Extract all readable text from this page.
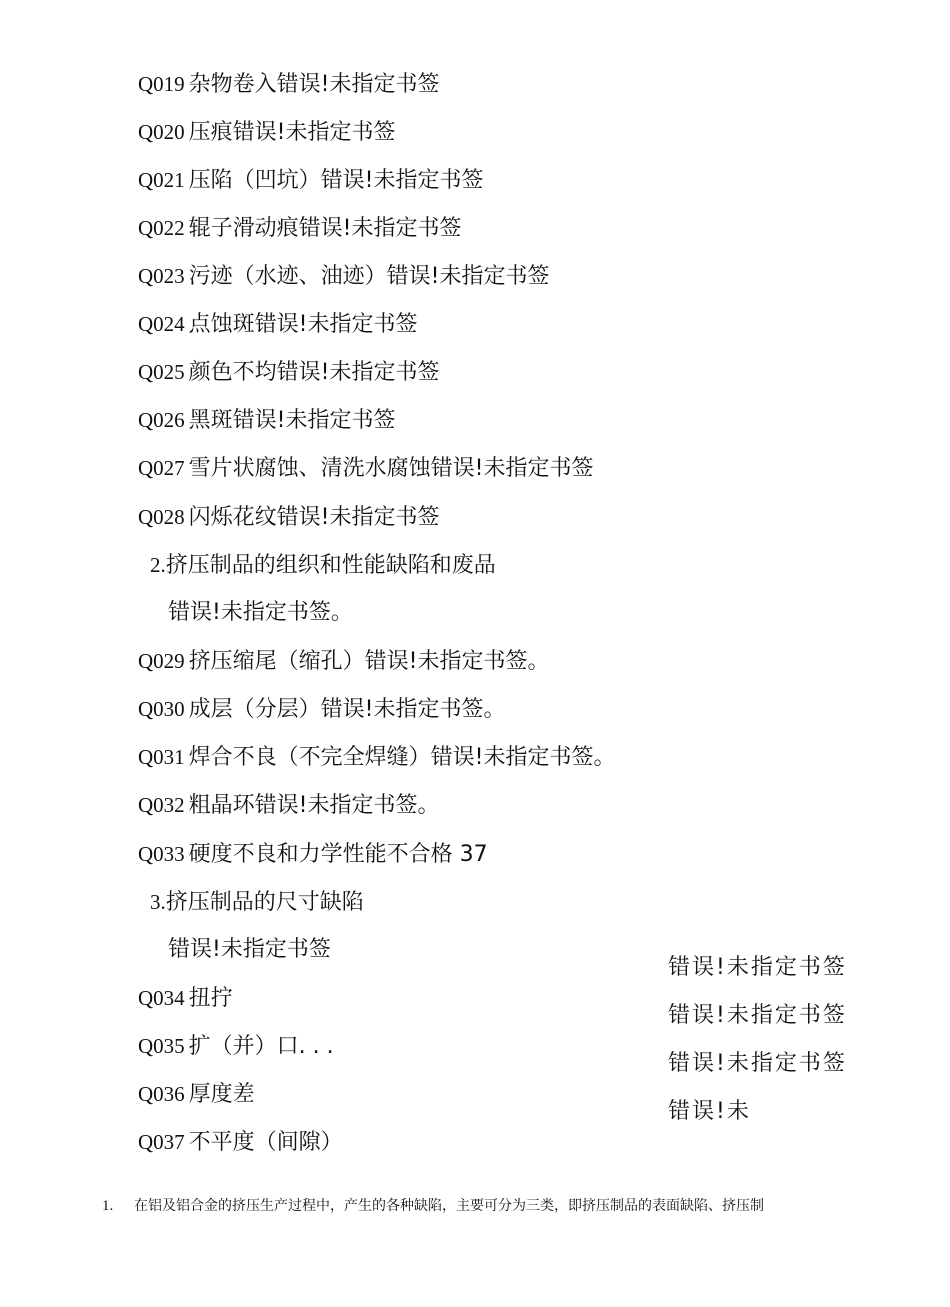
Q019 杂物卷入错误!未指定书签
Q020 压痕错误!未指定书签
Q021 压陷（凹坑）错误!未指定书签
Q022 辊子滑动痕错误!未指定书签
Q023 污迹（水迹、油迹）错误!未指定书签
Q024 点蚀斑错误!未指定书签
Q025 颜色不均错误!未指定书签
Q026 黑斑错误!未指定书签
Q027 雪片状腐蚀、清洗水腐蚀错误!未指定书签
Q028 闪烁花纹错误!未指定书签
2.挤压制品的组织和性能缺陷和废品
错误!未指定书签。
Q029 挤压缩尾（缩孔）错误!未指定书签。
Q030 成层（分层）错误!未指定书签。
Q031 焊合不良（不完全焊缝）错误!未指定书签。
Q032 粗晶环错误!未指定书签。
Q033 硬度不良和力学性能不合格 37
3.挤压制品的尺寸缺陷
错误!未指定书签
Q034 扭拧
Q035 扩（并）口. . .
Q036 厚度差
Q037 不平度（间隙）
错误!未指定书签错误!未指定书签错误!未指定书签错误!未
1. 在铝及铝合金的挤压生产过程中，产生的各种缺陷，主要可分为三类，即挤压制品的表面缺陷、挤压制
